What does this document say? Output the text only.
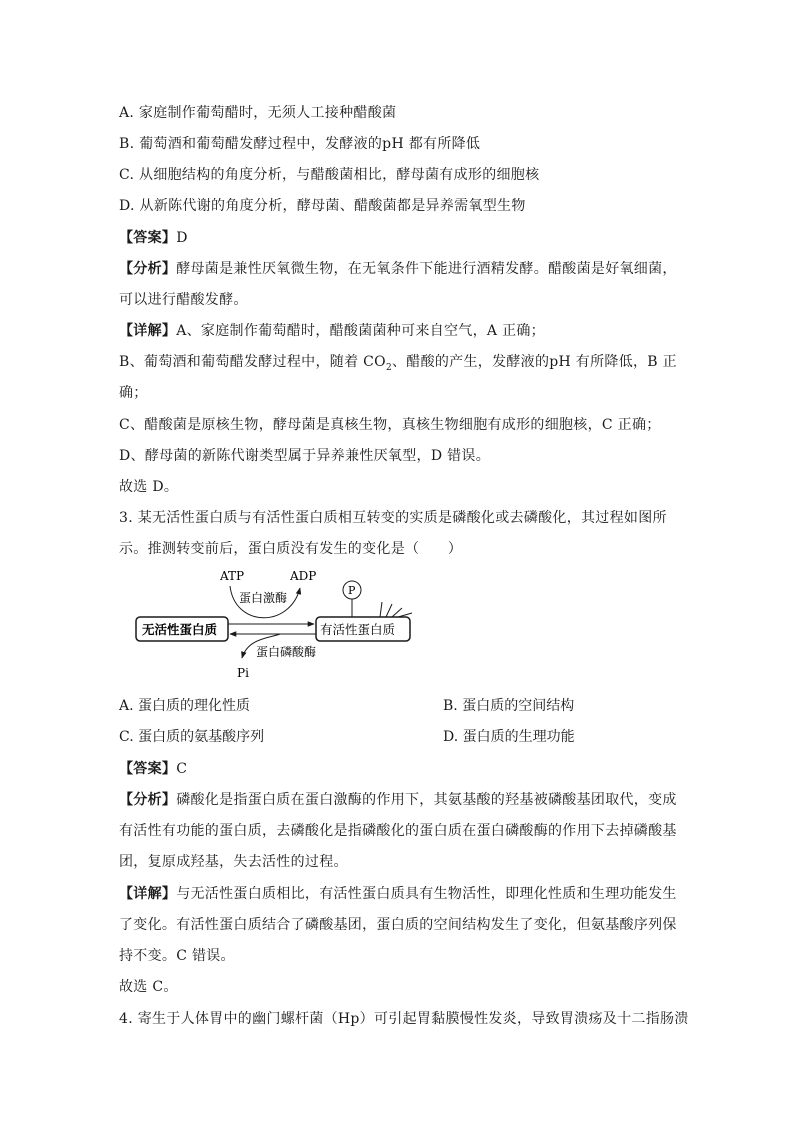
A. 家庭制作葡萄醋时，无须人工接种醋酸菌
B. 葡萄酒和葡萄醋发酵过程中，发酵液的pH 都有所降低
C. 从细胞结构的角度分析，与醋酸菌相比，酵母菌有成形的细胞核
D. 从新陈代谢的角度分析，酵母菌、醋酸菌都是异养需氧型生物
【答案】D
【分析】酵母菌是兼性厌氧微生物，在无氧条件下能进行酒精发酵。醋酸菌是好氧细菌，
可以进行醋酸发酵。
【详解】A、家庭制作葡萄醋时，醋酸菌菌种可来自空气，A 正确；
B、葡萄酒和葡萄醋发酵过程中，随着 $CO_2$、醋酸的产生，发酵液的pH 有所降低，B 正
确；
C、醋酸菌是原核生物，酵母菌是真核生物，真核生物细胞有成形的细胞核，C 正确；
D、酵母菌的新陈代谢类型属于异养兼性厌氧型，D 错误。
故选 D。
3. 某无活性蛋白质与有活性蛋白质相互转变的实质是磷酸化或去磷酸化，其过程如图所
示。推测转变前后，蛋白质没有发生的变化是（　　）
ATP	ADP
蛋白激酶
P
无活性蛋白质	有活性蛋白质
蛋白磷酸酶
Pi
A. 蛋白质的理化性质	B. 蛋白质的空间结构
C. 蛋白质的氨基酸序列	D. 蛋白质的生理功能
【答案】C
【分析】磷酸化是指蛋白质在蛋白激酶的作用下，其氨基酸的羟基被磷酸基团取代，变成
有活性有功能的蛋白质，去磷酸化是指磷酸化的蛋白质在蛋白磷酸酶的作用下去掉磷酸基
团，复原成羟基，失去活性的过程。
【详解】与无活性蛋白质相比，有活性蛋白质具有生物活性，即理化性质和生理功能发生
了变化。有活性蛋白质结合了磷酸基团，蛋白质的空间结构发生了变化，但氨基酸序列保
持不变。C 错误。
故选 C。
4. 寄生于人体胃中的幽门螺杆菌（Hp）可引起胃黏膜慢性发炎，导致胃溃疡及十二指肠溃
